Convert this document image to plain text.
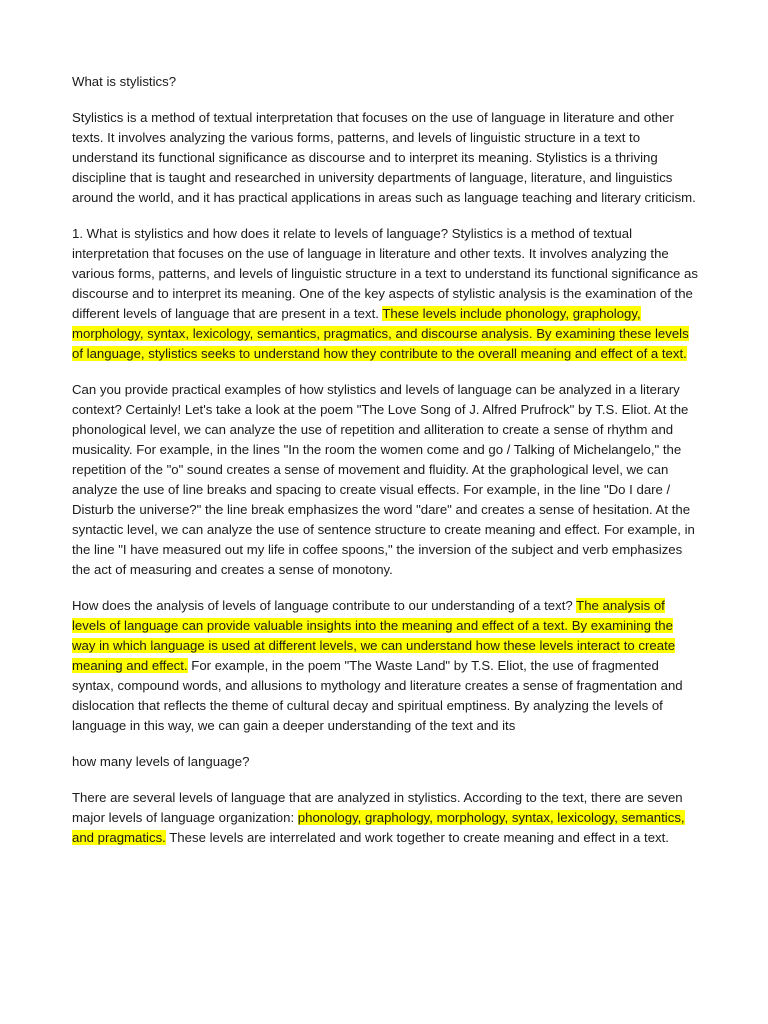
What is stylistics?

Stylistics is a method of textual interpretation that focuses on the use of language in literature and other texts. It involves analyzing the various forms, patterns, and levels of linguistic structure in a text to understand its functional significance as discourse and to interpret its meaning. Stylistics is a thriving discipline that is taught and researched in university departments of language, literature, and linguistics around the world, and it has practical applications in areas such as language teaching and literary criticism.

1. What is stylistics and how does it relate to levels of language? Stylistics is a method of textual interpretation that focuses on the use of language in literature and other texts. It involves analyzing the various forms, patterns, and levels of linguistic structure in a text to understand its functional significance as discourse and to interpret its meaning. One of the key aspects of stylistic analysis is the examination of the different levels of language that are present in a text. These levels include phonology, graphology, morphology, syntax, lexicology, semantics, pragmatics, and discourse analysis. By examining these levels of language, stylistics seeks to understand how they contribute to the overall meaning and effect of a text.

Can you provide practical examples of how stylistics and levels of language can be analyzed in a literary context? Certainly! Let's take a look at the poem "The Love Song of J. Alfred Prufrock" by T.S. Eliot. At the phonological level, we can analyze the use of repetition and alliteration to create a sense of rhythm and musicality. For example, in the lines "In the room the women come and go / Talking of Michelangelo," the repetition of the "o" sound creates a sense of movement and fluidity. At the graphological level, we can analyze the use of line breaks and spacing to create visual effects. For example, in the line "Do I dare / Disturb the universe?" the line break emphasizes the word "dare" and creates a sense of hesitation. At the syntactic level, we can analyze the use of sentence structure to create meaning and effect. For example, in the line "I have measured out my life in coffee spoons," the inversion of the subject and verb emphasizes the act of measuring and creates a sense of monotony.

How does the analysis of levels of language contribute to our understanding of a text? The analysis of levels of language can provide valuable insights into the meaning and effect of a text. By examining the way in which language is used at different levels, we can understand how these levels interact to create meaning and effect. For example, in the poem "The Waste Land" by T.S. Eliot, the use of fragmented syntax, compound words, and allusions to mythology and literature creates a sense of fragmentation and dislocation that reflects the theme of cultural decay and spiritual emptiness. By analyzing the levels of language in this way, we can gain a deeper understanding of the text and its

how many levels of language?

There are several levels of language that are analyzed in stylistics. According to the text, there are seven major levels of language organization: phonology, graphology, morphology, syntax, lexicology, semantics, and pragmatics. These levels are interrelated and work together to create meaning and effect in a text.
